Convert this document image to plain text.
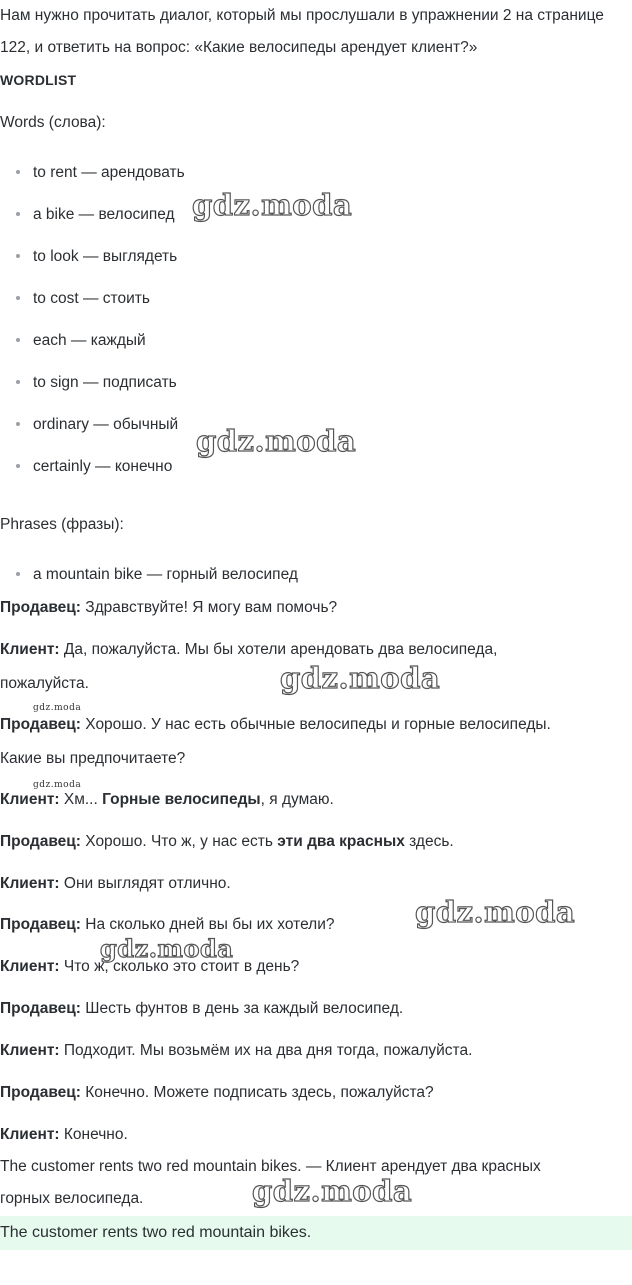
Нам нужно прочитать диалог, который мы прослушали в упражнении 2 на странице 122, и ответить на вопрос: «Какие велосипеды арендует клиент?»
WORDLIST
Words (слова):
to rent — арендовать
a bike — велосипед
to look — выглядеть
to cost — стоить
each — каждый
to sign — подписать
ordinary — обычный
certainly — конечно
Phrases (фразы):
a mountain bike — горный велосипед
Продавец: Здравствуйте! Я могу вам помочь?
Клиент: Да, пожалуйста. Мы бы хотели арендовать два велосипеда,
пожалуйста.
Продавец: Хорошо. У нас есть обычные велосипеды и горные велосипеды.
Какие вы предпочитаете?
Клиент: Хм... Горные велосипеды, я думаю.
Продавец: Хорошо. Что ж, у нас есть эти два красных здесь.
Клиент: Они выглядят отлично.
Продавец: На сколько дней вы бы их хотели?
Клиент: Что ж, сколько это стоит в день?
Продавец: Шесть фунтов в день за каждый велосипед.
Клиент: Подходит. Мы возьмём их на два дня тогда, пожалуйста.
Продавец: Конечно. Можете подписать здесь, пожалуйста?
Клиент: Конечно.
The customer rents two red mountain bikes. — Клиент арендует два красных
горных велосипеда.
The customer rents two red mountain bikes.
gdz.moda
gdz.moda
gdz.moda
gdz.moda
gdz.moda
gdz.moda
gdz.moda
gdz.moda
